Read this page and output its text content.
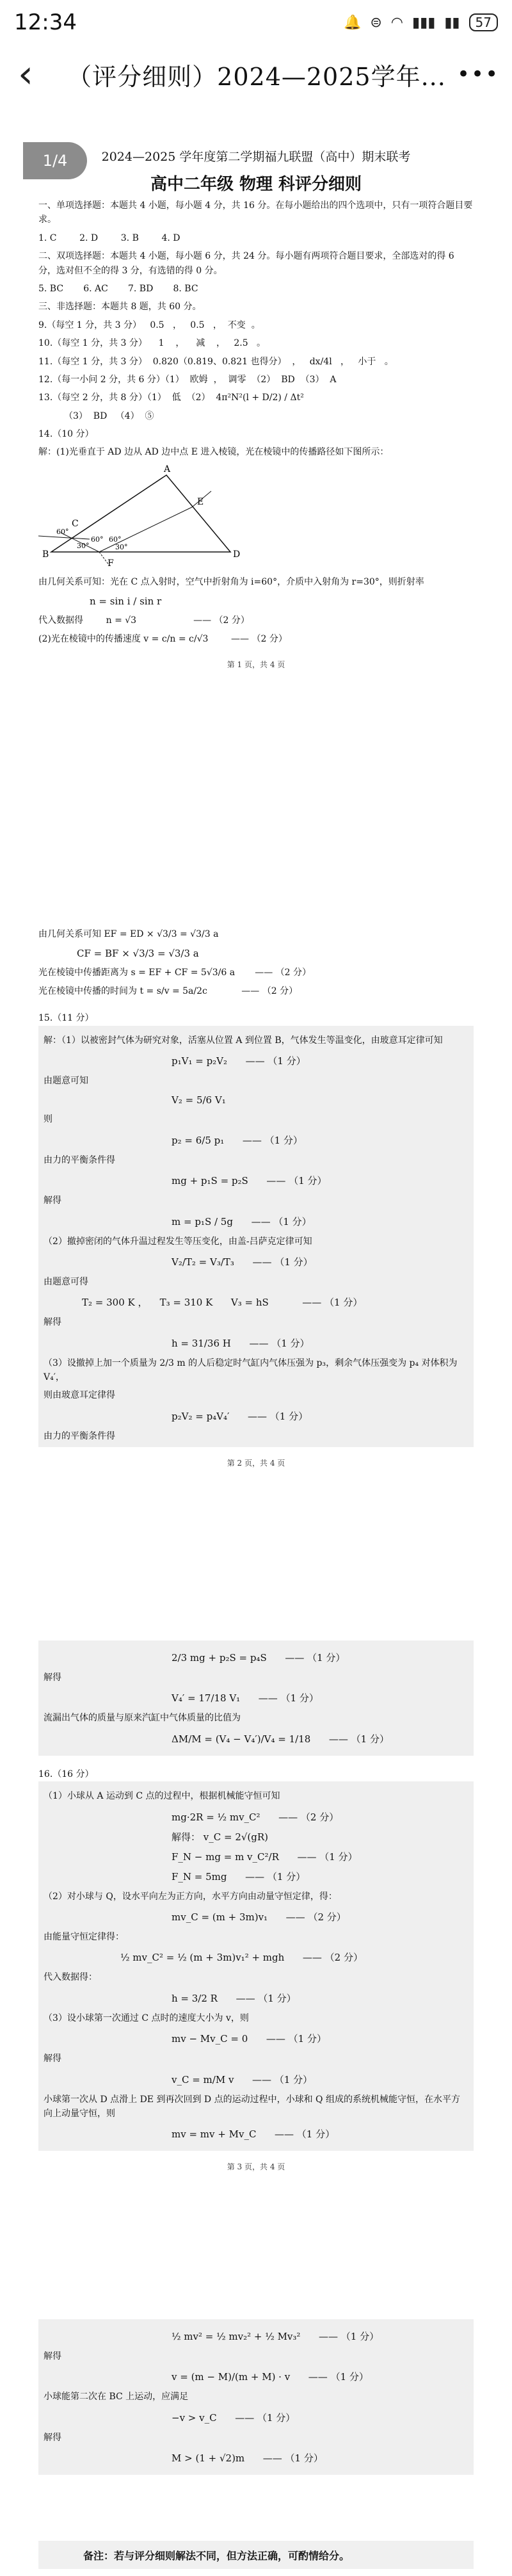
12:34	🔔 ⊜ ◠ ▮▮▮ ▮▮	57
‹	（评分细则）2024—2025学年... •••
1/4	2024—2025 学年度第二学期福九联盟（高中）期末联考
高中二年级 物理 科评分细则

一、单项选择题：本题共 4 小题，每小题 4 分，共 16 分。在每小题给出的四个选项中，只有一项符合题目要求。

1. C        2. D        3. B        4. D

二、双项选择题：本题共 4 小题，每小题 6 分，共 24 分。每小题有两项符合题目要求，全部选对的得 6 分，选对但不全的得 3 分，有选错的得 0 分。

5. BC       6. AC       7. BD       8. BC

三、非选择题：本题共 8 题，共 60 分。

9.（每空 1 分，共 3 分）   0.5   ，   0.5   ，  不变  。

10.（每空 1 分，共 3 分）    1    ，    减    ，   2.5   。

11.（每空 1 分，共 3 分）  0.820（0.819、0.821 也得分）  ，   dx/4l   ，   小于   。

12.（每一小问 2 分，共 6 分）（1）  欧姆  ，  调零  （2）  BD  （3）  A

13.（每空 2 分，共 8 分）（1）  低  （2）  4π²N²(l + D/2) / Δt²

（3）  BD   （4）  ⑤

14.（10 分）

解：(1)光垂直于 AD 边从 AD 边中点 E 进入棱镜，光在棱镜中的传播路径如下图所示：

A
B
C
D
E
F
60°
30°
60° 60°
30°

由几何关系可知：光在 C 点入射时，空气中折射角为 i=60°，介质中入射角为 r=30°，则折射率

n = sin i / sin r

代入数据得        n = √3                    —— （2 分）

(2)光在棱镜中的传播速度 v = c/n = c/√3        —— （2 分）

第 1 页，共 4 页

由几何关系可知 EF = ED × √3/3 = √3/3 a

CF = BF × √3/3 = √3/3 a

光在棱镜中传播距离为 s = EF + CF = 5√3/6 a       —— （2 分）

光在棱镜中传播的时间为 t = s/v = 5a/2c            —— （2 分）

15.（11 分）

解：（1）以被密封气体为研究对象，活塞从位置 A 到位置 B，气体发生等温变化，由玻意耳定律可知

p₁V₁ = p₂V₂      —— （1 分）

由题意可知

V₂ = 5/6 V₁

则

p₂ = 6/5 p₁      —— （1 分）

由力的平衡条件得

mg + p₁S = p₂S      —— （1 分）

解得

m = p₁S / 5g      —— （1 分）

（2）撤掉密闭的气体升温过程发生等压变化，由盖-吕萨克定律可知

V₂/T₂ = V₃/T₃      —— （1 分）

由题意可得

T₂ = 300 K ，    T₃ = 310 K      V₃ = hS           —— （1 分）

解得

h = 31/36 H      —— （1 分）

（3）设撤掉上加一个质量为 2/3 m 的人后稳定时气缸内气体压强为 p₃，剩余气体压强变为 p₄ 对体积为 V₄′，

则由玻意耳定律得

p₂V₂ = p₄V₄′      —— （1 分）

由力的平衡条件得

第 2 页，共 4 页

2/3 mg + p₂S = p₄S      —— （1 分）

解得

V₄′ = 17/18 V₁      —— （1 分）

流漏出气体的质量与原来汽缸中气体质量的比值为

ΔM/M = (V₄ − V₄′)/V₄ = 1/18      —— （1 分）

16.（16 分）

（1）小球从 A 运动到 C 点的过程中，根据机械能守恒可知

mg·2R = ½ mv_C²      —— （2 分）

解得： v_C = 2√(gR)

F_N − mg = m v_C²/R      —— （1 分）

F_N = 5mg      —— （1 分）

（2）对小球与 Q，设水平向左为正方向，水平方向由动量守恒定律，得：

mv_C = (m + 3m)v₁      —— （2 分）

由能量守恒定律得：

½ mv_C² = ½ (m + 3m)v₁² + mgh      —— （2 分）

代入数据得：

h = 3/2 R      —— （1 分）

（3）设小球第一次通过 C 点时的速度大小为 v，则

mv − Mv_C = 0      —— （1 分）

解得

v_C = m/M v      —— （1 分）

小球第一次从 D 点滑上 DE 到再次回到 D 点的运动过程中，小球和 Q 组成的系统机械能守恒，在水平方向上动量守恒，则

mv = mv + Mv_C      —— （1 分）

第 3 页，共 4 页

½ mv² = ½ mv₂² + ½ Mv₃²      —— （1 分）

解得

v = (m − M)/(m + M) · v      —— （1 分）

小球能第二次在 BC 上运动，应满足

−v > v_C      —— （1 分）

解得

M > (1 + √2)m      —— （1 分）

备注：若与评分细则解法不同，但方法正确，可酌情给分。
